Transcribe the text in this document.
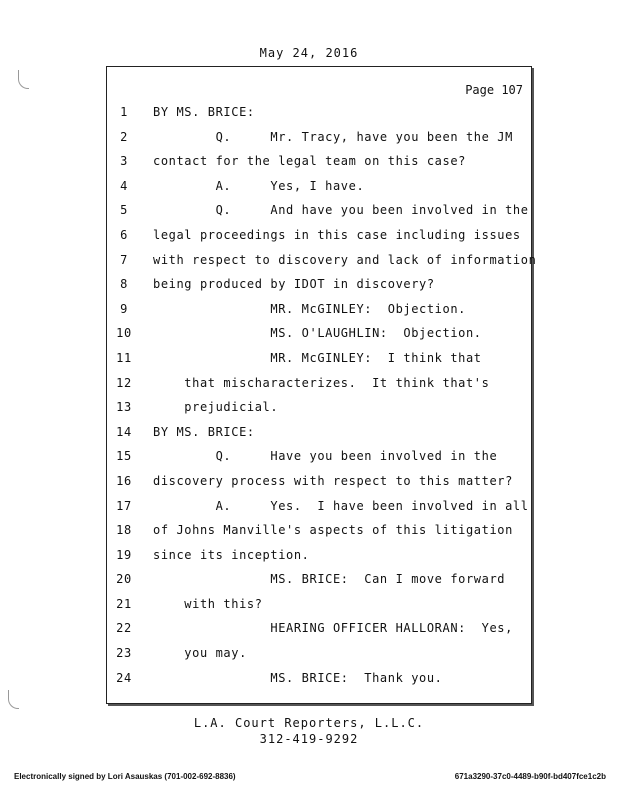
May 24, 2016
Page 107
1	BY MS. BRICE:
2	Q.     Mr. Tracy, have you been the JM
3	contact for the legal team on this case?
4	A.     Yes, I have.
5	Q.     And have you been involved in the
6	legal proceedings in this case including issues
7	with respect to discovery and lack of information
8	being produced by IDOT in discovery?
9	MR. McGINLEY:  Objection.
10 MS. O'LAUGHLIN:  Objection.
11 MR. McGINLEY:  I think that
12 that mischaracterizes.  It think that's
13 prejudicial.
14 BY MS. BRICE:
15 Q.     Have you been involved in the
16 discovery process with respect to this matter?
17 A.     Yes.  I have been involved in all
18 of Johns Manville's aspects of this litigation
19 since its inception.
20 MS. BRICE:  Can I move forward
21 with this?
22 HEARING OFFICER HALLORAN:  Yes,
23 you may.
24 MS. BRICE:  Thank you.
L.A. Court Reporters, L.L.C.
312-419-9292
Electronically signed by Lori Asauskas (701-002-692-8836)	671a3290-37c0-4489-b90f-bd407fce1c2b
